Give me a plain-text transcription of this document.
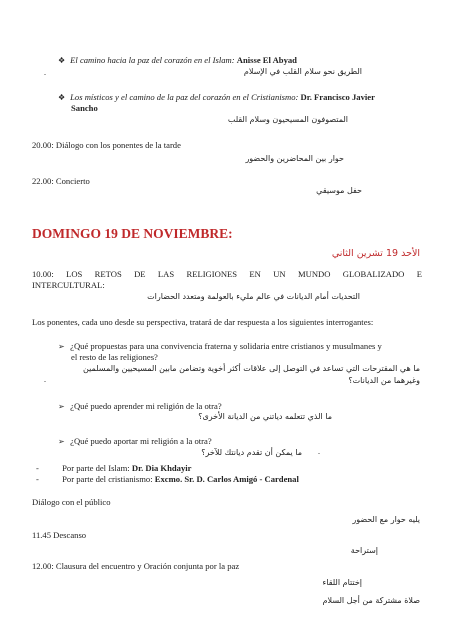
❖ El camino hacia la paz del corazón en el Islam: Anisse El Abyad
.	الطريق نحو سلام القلب في الإسلام
❖ Los místicos y el camino de la paz del corazón en el Cristianismo: Dr. Francisco Javier
Sancho
المتصوفون المسيحيون وسلام القلب
20.00: Diálogo con los ponentes de la tarde
حوار بين المحاضرين والحضور
22.00: Concierto
حفل موسيقي
DOMINGO 19 DE NOVIEMBRE:
الأحد 19 تشرين الثاني
10.00: LOS RETOS DE LAS RELIGIONES EN UN MUNDO GLOBALIZADO E
INTERCULTURAL:
التحديات أمام الديانات في عالم مليء بالعولمة ومتعدد الحضارات
Los ponentes, cada uno desde su perspectiva, tratará de dar respuesta a los siguientes interrogantes:
➢ ¿Qué propuestas para una convivencia fraterna y solidaria entre cristianos y musulmanes y
el resto de las religiones?
ما هي المقترحات التي تساعد في التوصل إلى علاقات أكثر أخوية وتضامن مابين المسيحيين والمسلمين
.	وغيرهما من الديانات؟
➢ ¿Qué puedo aprender mi religión de la otra?
ما الذي تتعلمه دياتني من الديانة الأخرى؟
➢ ¿Qué puedo aportar mi religión a la otra?
ما يمكن أن تقدم ديانتك للآخر؟ .
-	Por parte del Islam: Dr. Dia Khdayir
-	Por parte del cristianismo: Excmo. Sr. D. Carlos Amigó - Cardenal
Diálogo con el público
يليه حوار مع الحضور
11.45 Descanso
إستراحة
12.00: Clausura del encuentro y Oración conjunta por la paz
إختتام اللقاء
صلاة مشتركة من أجل السلام
